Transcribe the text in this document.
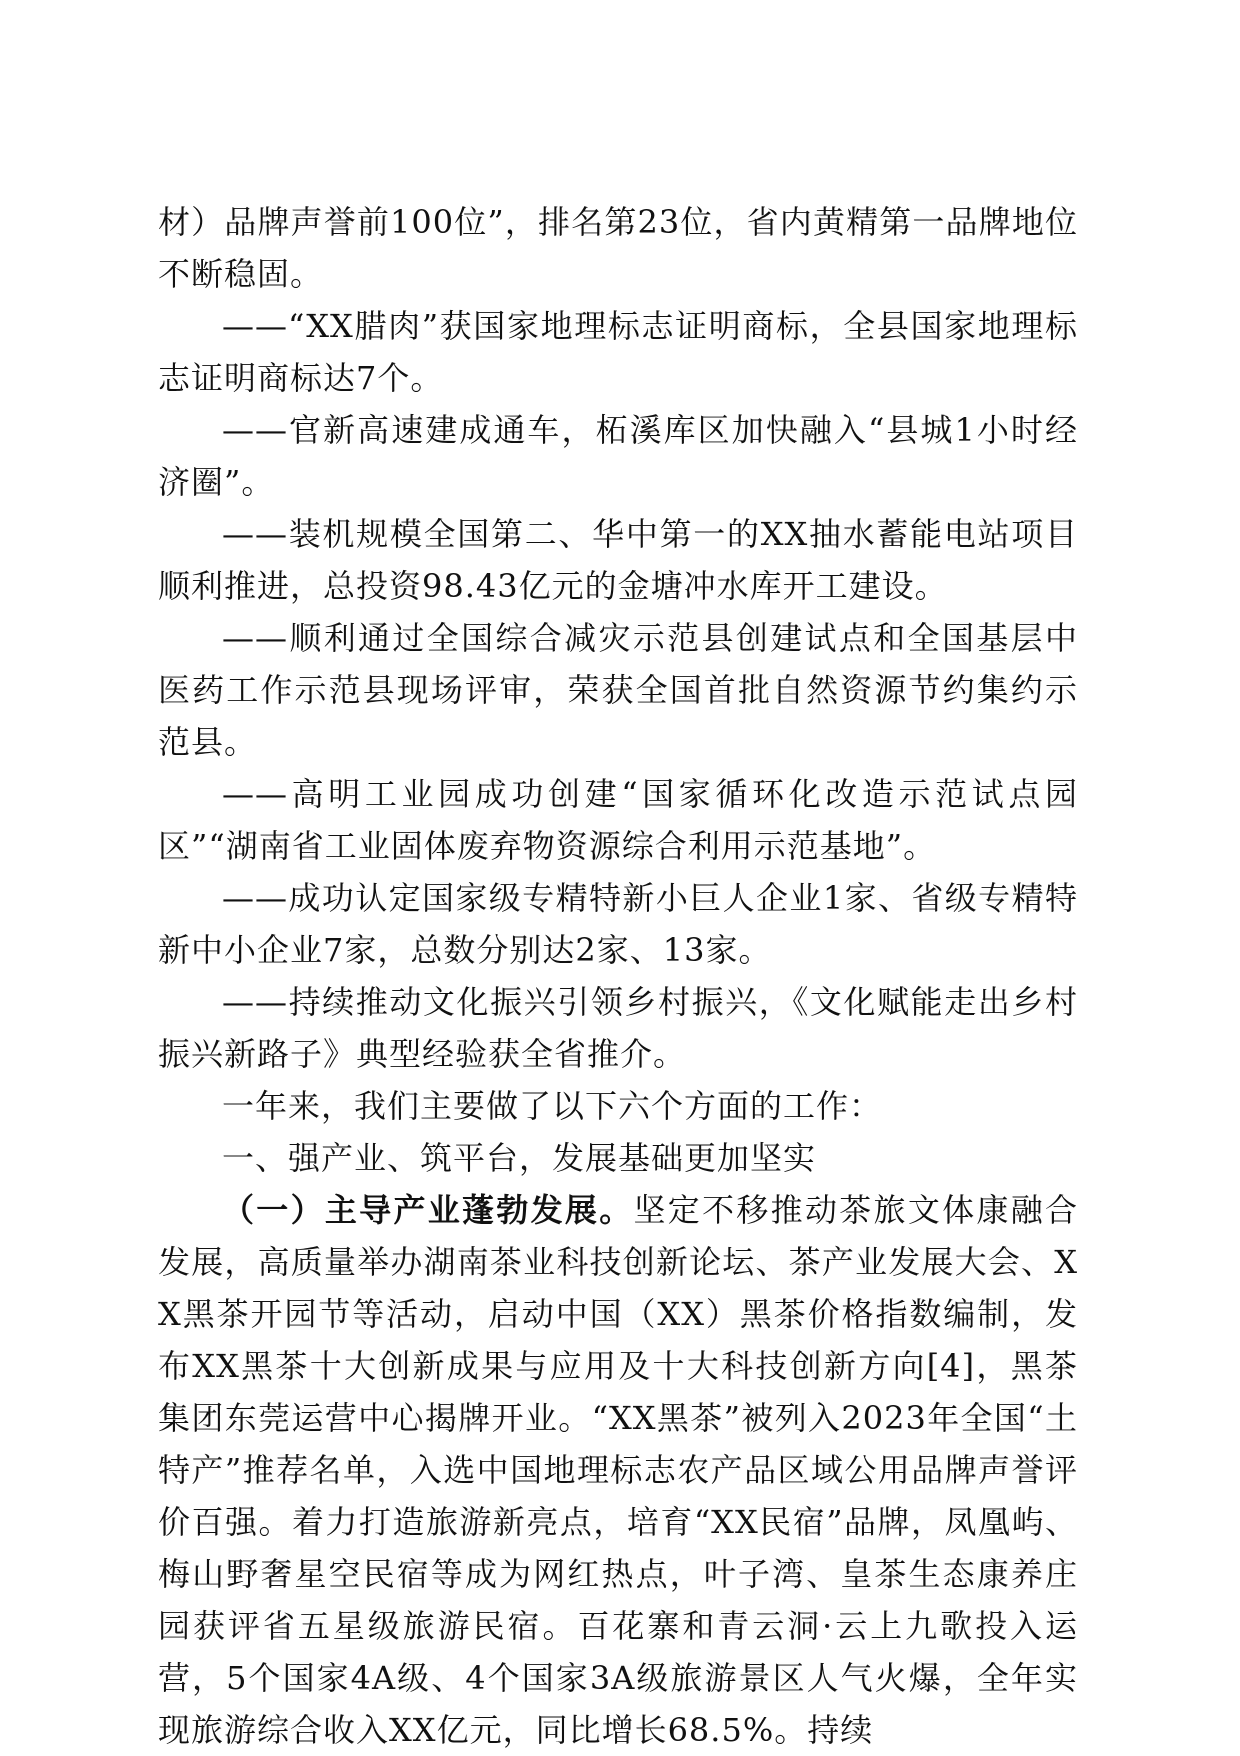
材）品牌声誉前100位”，排名第23位，省内黄精第一品牌地位不断稳固。

——“XX腊肉”获国家地理标志证明商标，全县国家地理标志证明商标达7个。

——官新高速建成通车，柘溪库区加快融入“县城1小时经济圈”。

——装机规模全国第二、华中第一的XX抽水蓄能电站项目顺利推进，总投资98.43亿元的金塘冲水库开工建设。

——顺利通过全国综合减灾示范县创建试点和全国基层中医药工作示范县现场评审，荣获全国首批自然资源节约集约示范县。

——高明工业园成功创建“国家循环化改造示范试点园区”“湖南省工业固体废弃物资源综合利用示范基地”。

——成功认定国家级专精特新小巨人企业1家、省级专精特新中小企业7家，总数分别达2家、13家。

——持续推动文化振兴引领乡村振兴，《文化赋能走出乡村振兴新路子》典型经验获全省推介。

一年来，我们主要做了以下六个方面的工作：

一、强产业、筑平台，发展基础更加坚实

（一）主导产业蓬勃发展。坚定不移推动茶旅文体康融合发展，高质量举办湖南茶业科技创新论坛、茶产业发展大会、XX黑茶开园节等活动，启动中国（XX）黑茶价格指数编制，发布XX黑茶十大创新成果与应用及十大科技创新方向[4]，黑茶集团东莞运营中心揭牌开业。“XX黑茶”被列入2023年全国“土特产”推荐名单，入选中国地理标志农产品区域公用品牌声誉评价百强。着力打造旅游新亮点，培育“XX民宿”品牌，凤凰屿、梅山野奢星空民宿等成为网红热点，叶子湾、皇茶生态康养庄园获评省五星级旅游民宿。百花寨和青云洞·云上九歌投入运营，5个国家4A级、4个国家3A级旅游景区人气火爆，全年实现旅游综合收入XX亿元，同比增长68.5%。持续
